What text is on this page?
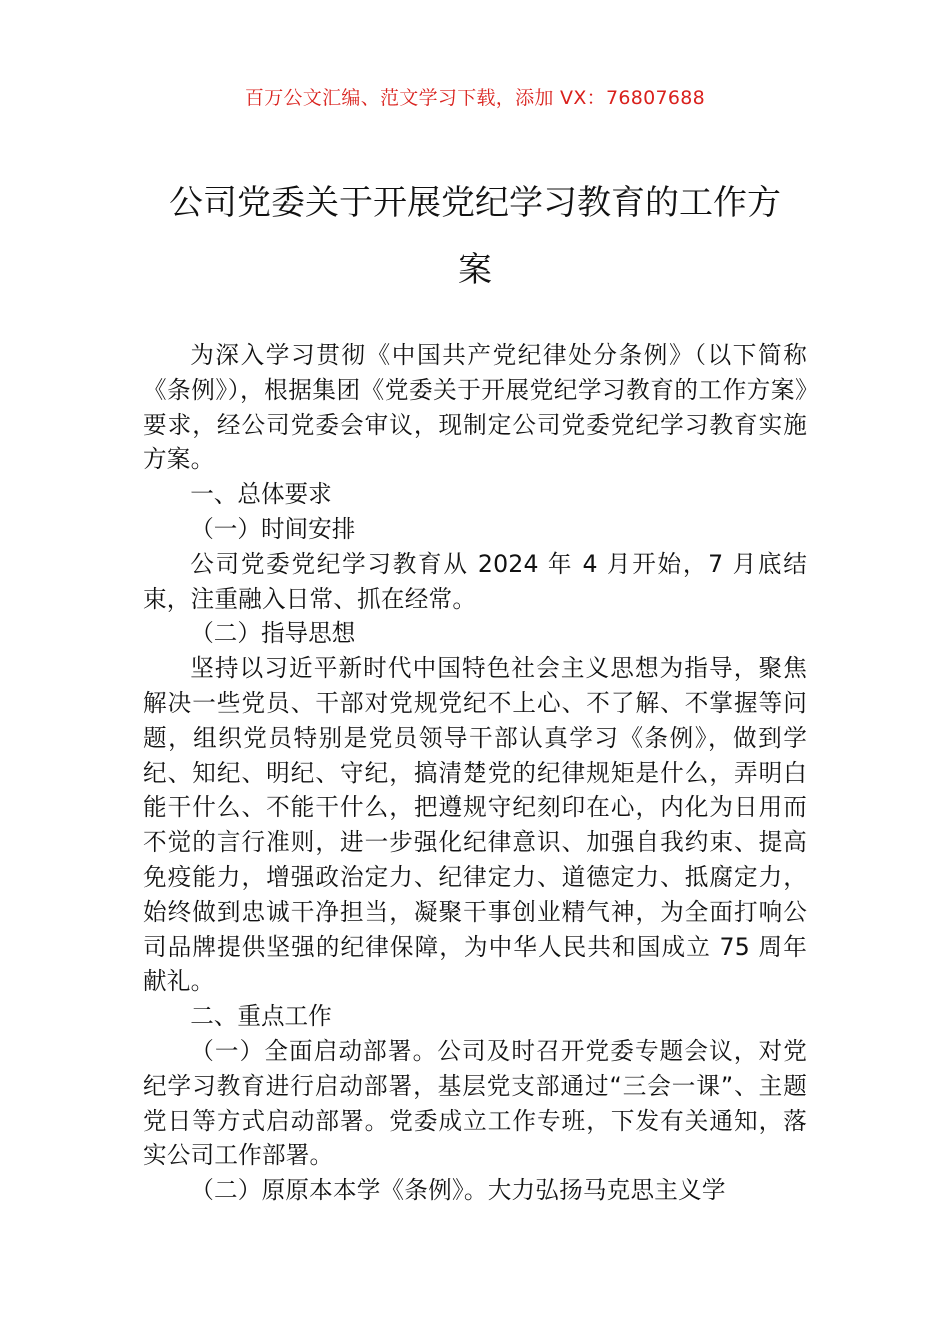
百万公文汇编、范文学习下载，添加 VX：76807688
公司党委关于开展党纪学习教育的工作方
案

为深入学习贯彻《中国共产党纪律处分条例》（以下简称《条例》），根据集团《党委关于开展党纪学习教育的工作方案》要求，经公司党委会审议，现制定公司党委党纪学习教育实施方案。

一、总体要求

（一）时间安排

公司党委党纪学习教育从 2024 年 4 月开始，7 月底结束，注重融入日常、抓在经常。

（二）指导思想

坚持以习近平新时代中国特色社会主义思想为指导，聚焦解决一些党员、干部对党规党纪不上心、不了解、不掌握等问题，组织党员特别是党员领导干部认真学习《条例》，做到学纪、知纪、明纪、守纪，搞清楚党的纪律规矩是什么，弄明白能干什么、不能干什么，把遵规守纪刻印在心，内化为日用而不觉的言行准则，进一步强化纪律意识、加强自我约束、提高免疫能力，增强政治定力、纪律定力、道德定力、抵腐定力，始终做到忠诚干净担当，凝聚干事创业精气神，为全面打响公司品牌提供坚强的纪律保障，为中华人民共和国成立 75 周年献礼。

二、重点工作

（一）全面启动部署。公司及时召开党委专题会议，对党纪学习教育进行启动部署，基层党支部通过“三会一课”、主题党日等方式启动部署。党委成立工作专班，下发有关通知，落实公司工作部署。

（二）原原本本学《条例》。大力弘扬马克思主义学
